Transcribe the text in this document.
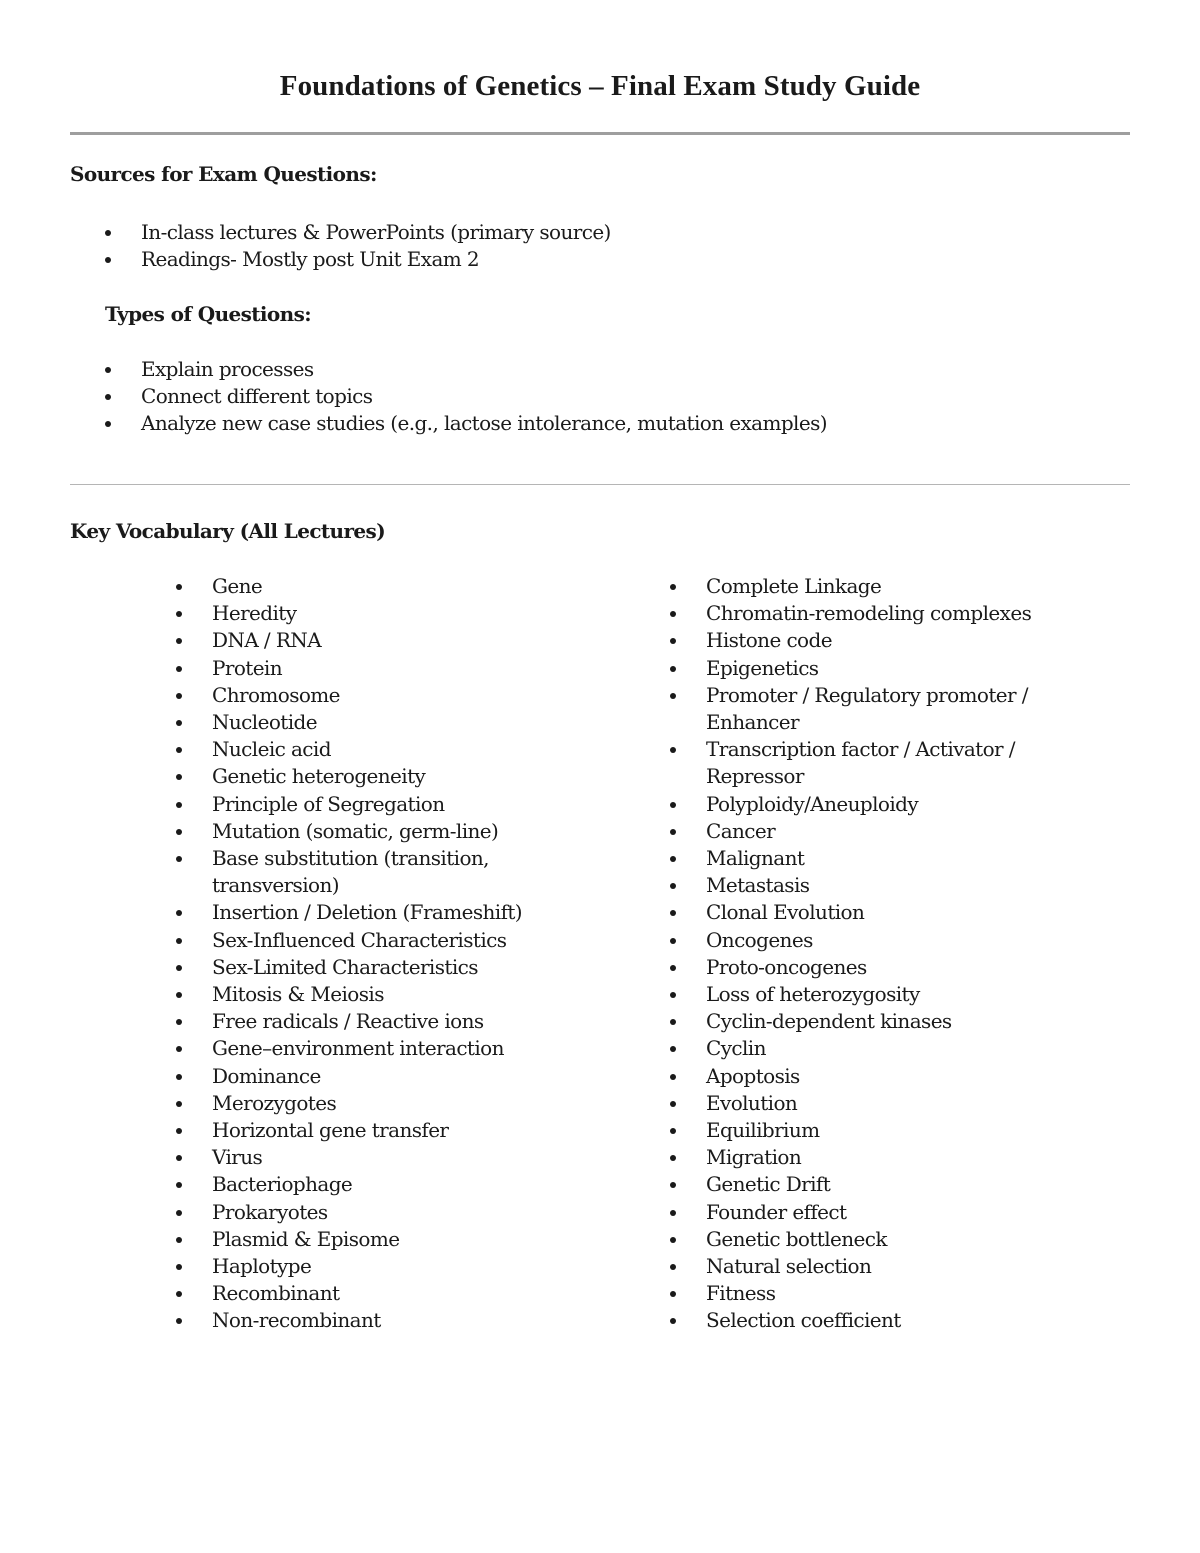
Foundations of Genetics – Final Exam Study Guide
Sources for Exam Questions:
In-class lectures & PowerPoints (primary source)
Readings- Mostly post Unit Exam 2
Types of Questions:
Explain processes
Connect different topics
Analyze new case studies (e.g., lactose intolerance, mutation examples)
Key Vocabulary (All Lectures)
Gene
Heredity
DNA / RNA
Protein
Chromosome
Nucleotide
Nucleic acid
Genetic heterogeneity
Principle of Segregation
Mutation (somatic, germ-line)
Base substitution (transition, transversion)
Insertion / Deletion (Frameshift)
Sex-Influenced Characteristics
Sex-Limited Characteristics
Mitosis & Meiosis
Free radicals / Reactive ions
Gene–environment interaction
Dominance
Merozygotes
Horizontal gene transfer
Virus
Bacteriophage
Prokaryotes
Plasmid & Episome
Haplotype
Recombinant
Non-recombinant
Complete Linkage
Chromatin-remodeling complexes
Histone code
Epigenetics
Promoter / Regulatory promoter / Enhancer
Transcription factor / Activator / Repressor
Polyploidy/Aneuploidy
Cancer
Malignant
Metastasis
Clonal Evolution
Oncogenes
Proto-oncogenes
Loss of heterozygosity
Cyclin-dependent kinases
Cyclin
Apoptosis
Evolution
Equilibrium
Migration
Genetic Drift
Founder effect
Genetic bottleneck
Natural selection
Fitness
Selection coefficient
